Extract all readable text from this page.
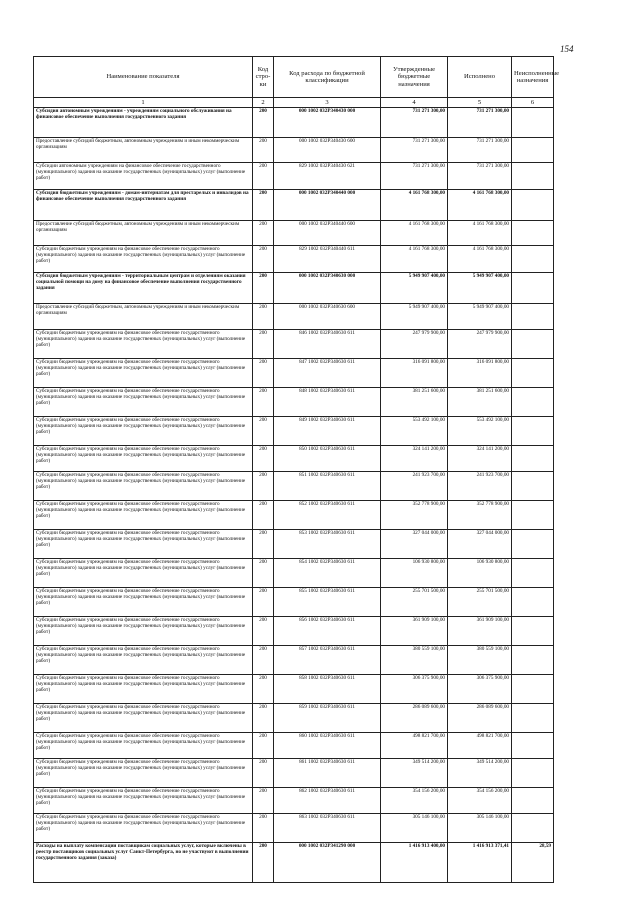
154
Наименование показателя	Код стро-ки	Код расхода по бюджетной классификации	Утвержденные бюджетные назначения	Исполнено	Неисполненные назначения
1	2	3	4	5	6
Субсидия автономным учреждениям - учреждениям социального обслуживания на финансовое обеспечение выполнения государственного задания	200	000 1002 032Р340430 000	731 271 300,00	731 271 300,00	
Предоставление субсидий бюджетным, автономным учреждениям и иным некоммерческим организациям	200	000 1002 032Р340430 600	731 271 300,00	731 271 300,00	
Субсидии автономным учреждениям на финансовое обеспечение государственного (муниципального) задания на оказание государственных (муниципальных) услуг (выполнение работ)	200	829 1002 032Р340430 621	731 271 300,00	731 271 300,00	
Субсидия бюджетным учреждениям - домам-интернатам для престарелых и инвалидов на финансовое обеспечение выполнения государственного задания	200	000 1002 032Р340440 000	4 161 768 300,00	4 161 768 300,00	
Предоставление субсидий бюджетным, автономным учреждениям и иным некоммерческим организациям	200	000 1002 032Р340440 600	4 161 768 300,00	4 161 768 300,00	
Субсидии бюджетным учреждениям на финансовое обеспечение государственного (муниципального) задания на оказание государственных (муниципальных) услуг (выполнение работ)	200	829 1002 032Р340440 611	4 161 768 300,00	4 161 768 300,00	
Субсидия бюджетным учреждениям - территориальным центрам и отделениям оказания социальной помощи на дому на финансовое обеспечение выполнения государственного задания	200	000 1002 032Р340630 000	5 949 907 400,00	5 949 907 400,00	
Предоставление субсидий бюджетным, автономным учреждениям и иным некоммерческим организациям	200	000 1002 032Р340630 600	5 949 907 400,00	5 949 907 400,00	
Субсидии бюджетным учреждениям на финансовое обеспечение государственного (муниципального) задания на оказание государственных (муниципальных) услуг (выполнение работ)	200	846 1002 032Р340630 611	247 979 900,00	247 979 900,00	
Субсидии бюджетным учреждениям на финансовое обеспечение государственного (муниципального) задания на оказание государственных (муниципальных) услуг (выполнение работ)	200	847 1002 032Р340630 611	316 091 800,00	316 091 800,00	
Субсидии бюджетным учреждениям на финансовое обеспечение государственного (муниципального) задания на оказание государственных (муниципальных) услуг (выполнение работ)	200	848 1002 032Р340630 611	381 251 600,00	381 251 600,00	
Субсидии бюджетным учреждениям на финансовое обеспечение государственного (муниципального) задания на оказание государственных (муниципальных) услуг (выполнение работ)	200	849 1002 032Р340630 611	553 492 100,00	553 492 100,00	
Субсидии бюджетным учреждениям на финансовое обеспечение государственного (муниципального) задания на оказание государственных (муниципальных) услуг (выполнение работ)	200	850 1002 032Р340630 611	324 141 200,00	324 141 200,00	
Субсидии бюджетным учреждениям на финансовое обеспечение государственного (муниципального) задания на оказание государственных (муниципальных) услуг (выполнение работ)	200	851 1002 032Р340630 611	241 923 700,00	241 923 700,00	
Субсидии бюджетным учреждениям на финансовое обеспечение государственного (муниципального) задания на оказание государственных (муниципальных) услуг (выполнение работ)	200	852 1002 032Р340630 611	352 778 900,00	352 778 900,00	
Субсидии бюджетным учреждениям на финансовое обеспечение государственного (муниципального) задания на оказание государственных (муниципальных) услуг (выполнение работ)	200	853 1002 032Р340630 611	327 044 000,00	327 044 000,00	
Субсидии бюджетным учреждениям на финансовое обеспечение государственного (муниципального) задания на оказание государственных (муниципальных) услуг (выполнение работ)	200	854 1002 032Р340630 611	106 930 800,00	106 930 800,00	
Субсидии бюджетным учреждениям на финансовое обеспечение государственного (муниципального) задания на оказание государственных (муниципальных) услуг (выполнение работ)	200	855 1002 032Р340630 611	255 701 500,00	255 701 500,00	
Субсидии бюджетным учреждениям на финансовое обеспечение государственного (муниципального) задания на оказание государственных (муниципальных) услуг (выполнение работ)	200	856 1002 032Р340630 611	361 909 100,00	361 909 100,00	
Субсидии бюджетным учреждениям на финансовое обеспечение государственного (муниципального) задания на оказание государственных (муниципальных) услуг (выполнение работ)	200	857 1002 032Р340630 611	380 559 100,00	380 559 100,00	
Субсидии бюджетным учреждениям на финансовое обеспечение государственного (муниципального) задания на оказание государственных (муниципальных) услуг (выполнение работ)	200	858 1002 032Р340630 611	306 375 900,00	306 375 900,00	
Субсидии бюджетным учреждениям на финансовое обеспечение государственного (муниципального) задания на оказание государственных (муниципальных) услуг (выполнение работ)	200	859 1002 032Р340630 611	286 089 600,00	286 089 600,00	
Субсидии бюджетным учреждениям на финансовое обеспечение государственного (муниципального) задания на оказание государственных (муниципальных) услуг (выполнение работ)	200	860 1002 032Р340630 611	498 821 700,00	498 821 700,00	
Субсидии бюджетным учреждениям на финансовое обеспечение государственного (муниципального) задания на оказание государственных (муниципальных) услуг (выполнение работ)	200	861 1002 032Р340630 611	349 514 200,00	349 514 200,00	
Субсидии бюджетным учреждениям на финансовое обеспечение государственного (муниципального) задания на оказание государственных (муниципальных) услуг (выполнение работ)	200	862 1002 032Р340630 611	354 156 200,00	354 156 200,00	
Субсидии бюджетным учреждениям на финансовое обеспечение государственного (муниципального) задания на оказание государственных (муниципальных) услуг (выполнение работ)	200	863 1002 032Р340630 611	305 146 100,00	305 146 100,00	
Расходы на выплату компенсации поставщикам социальных услуг, которые включены в реестр поставщиков социальных услуг Санкт-Петербурга, но не участвуют в выполнении государственного задания (заказа)	200	000 1002 032Р341290 000	1 416 913 400,00	1 416 913 371,41	28,59
